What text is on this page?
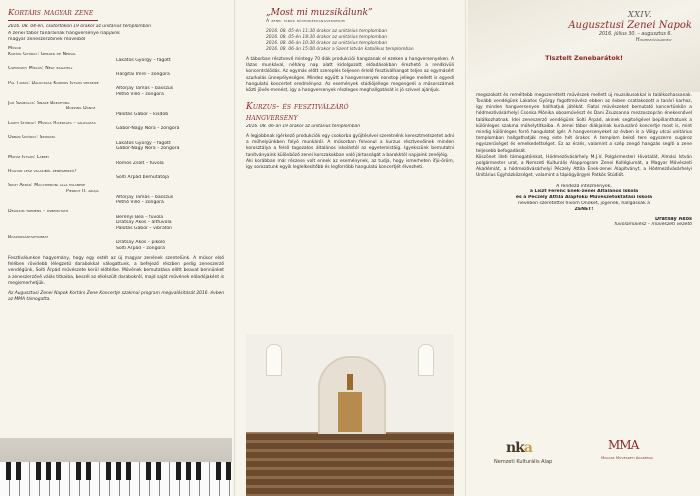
Kortárs magyar zene
2016. 08. 04-én, csütörtökön 19 órakor az unitárius templomban
A zenei tábor tanárainak hangversenye napjaink
magyar zeneszerzőinek műveiből
Műsor
Kurtág György: Gerard de Nerval
Lakatos György – fagott
Csemiczky Miklós: Négy bagatell
Hargitai Imre – zongora
Pál Tamás: Dalocskák Kormos István verseire
Altorjay Tamás – basszus
Pethő Villő – zongora
Joó Szabolcs: Snare Breathing
Buzzing Dance
Palotás Gábor – kisdob
Ligeti György: Musica Ricercata – válogatás
Gábor-Nagy Nóra – zongora
Orbán György: Szonáta
Lakatos György – fagott
Gábor-Nagy Nóra – zongora
Matuz István: Lábpei
Romos Zsolt – fuvola
Hogyan lesz valakiből zeneszerző?
Solti Árpád bemutatója
Solti Árpád: Macchieroni alla milanese
Pierrot II. ariája
Altorjay Tamás – basszus
Pethő Villő – zongora
Delirium tremens – ősbemutató
Berényi Bea – fuvola
Dratsay Ákos – altfuvola
Palotás Gábor – vibrafon
Boszorkánysztombat
Dratsay Ákos – pikoló
Solti Árpád – zongora
Fesztiválunkon hagyomány, hogy egy estét az új magyar zenének szentelünk. A műsor első felében rövidebb lélegzetű darabokkal válogattunk, a befejező részben pedig zeneszerző vendégünk, Solti Árpád művészete kerül előtérbe. Művének bemutatása előtt beavat bennünket a zeneszerzővé válás titkaiba, beszél az elkészült darabokról, majd saját művének előadójaként is megismerhetjük.
Az Augusztusi Zenei Napok Kortárs Zene Koncertje szakmai program megvalósítását 2016. évben az MMA támogatta.
„Most mi muzsikálunk”
A zenei tábor növendékhangversenyei
2016. 08. 05-én 11:30 órakor az unitárius templomban
2016. 08. 05-én 18:30 órakor az unitárius templomban
2016. 08. 06-án 10:30 órakor az unitárius templomban
2016. 08. 06-án 15:00 órakor a Szent István katolikus templomban
A táborban résztvevő mintegy 70 diák produkciói hangzanak el ezeken a hangversenyeken. A lázas munkával, néhány nap alatt kidolgozott előadásokban érezhető a rendkívüli koncentrálódás. Az egymás előtt szereplés teljesen érlelő fesztiválhangot teljes az egymásért szurkolás ünnepélyeséges. Mindez együtt a hangversenyek nonstop jellege mellett is egyedi hangulatú koncertet eredményez. Az események stúdiójellege megengedi a műsorszámok közti jövés-menést, így a hangversenyek részleges meghallgatását is jó szívvel ajánljuk.
Kurzus- és fesztiválzáró
hangverseny
2016. 08. 06-án 19 órakor az unitárius templomban
A legjobbnak ígérkező produkciók egy csokorba gyűjtésével szeretnénk keresztmetszetet adni a műhelyünkben folyó munkáról. A műsorban felvonul a kurzus résztvevőinek minden korosztálya a felső tagozatos általános iskolástól az egyetemistáig. Igyekszünk bemutatni tanítványaink különböző zenei korszakokban való jártasságát a barokktól napjaink zenéjéig.
Aki korábban már részese volt ennek az eseménynek, az tudja, hogy ismerheten ifjú-öröm, így sorozatunk egyik leglelkesítőbb és legforróbb hangulatú koncertjét élvezheti.
XXIV.
Augusztusi Zenei Napok
2016. július 30. – augusztus 6.
Hódmezővásárhely
Tisztelt Zenebarátok!
megszokott és reméltebb megszerettett művészek mellett új muzsikusokkal is találkozhassanak. Tovább vendégünk Lakatos György fagottművész ebben az évben csatlakozott a tanári karhoz, így minden hangversenyen hallhatjuk játékát. Fiatal művészeket bemutató koncertünkön a hódmezővásárhelyi Csonka Mónika oboaművészt és Dani Zsuzsanna mezzoszoprán énekesnővel találkozhatnak. Idei zeneszerző vendégünk Solti Árpád, akinek segítségével bepillanthatunk a különleges szakma műhelytitkaiba. A zenei tábor diákjainak kurzuszáró koncertje most is, mint mindig különleges forró hangulatot ígér. A hangversenyeket az évben is a Völgy utcai unitárius templomban hallgathatják meg este hét órakor. A templom belső tere egyszerre sugároz egyszerűséget és emelkedettséget. Ez az érzés, valamint a szép zengő hangzás segíti a zene teljesebb befogadását.
Köszönet illeti támogatóinkat, Hódmezővásárhely M.J.V. Polgármesteri Hivatalát, Almási István polgármester urat, a Nemzeti Kulturális Alapprogram Zenei Kollégiumát, a Magyar Művészeti Akadémiát, a hódmezővásárhelyi Péczely Attila Ének-zenei Alapítványt, a Hódmezővásárhelyi Unitárius Egyházközséget, valamint a tápiógyörgyei Patkós Stúdiót.
A rendező intézmények,
a Liszt Ferenc Ének-zenei Általános Iskola
és a Péczely Attila Alapfokú Művészetoktatási Iskola
nevében szeretettel hívom Önöket, jöjjenek, hallgassák a
ZENÉT!
Dratsay Ákos
fuvolaművész – művészeti vezető
nka
Nemzeti Kulturális Alap
MMA
Magyar Művészeti Akadémia
